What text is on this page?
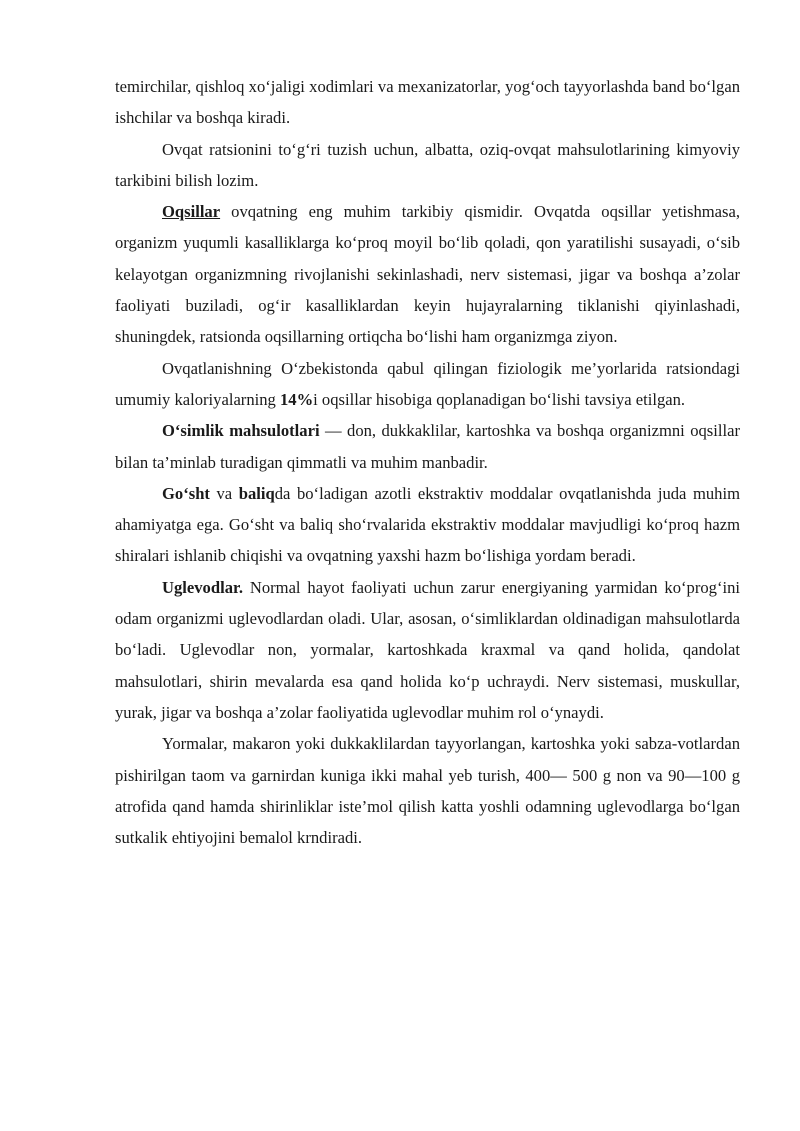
temirchilar, qishloq xoʻjaligi xodimlari va mexanizatorlar, yogʻoch tayyorlashda band boʻlgan ishchilar va boshqa kiradi.

Ovqat ratsionini toʻgʻri tuzish uchun, albatta, oziq-ovqat mahsulotlarining kimyoviy tarkibini bilish lozim.

Oqsillar ovqatning eng muhim tarkibiy qismidir. Ovqatda oqsillar yetishmasa, organizm yuqumli kasalliklarga koʻproq moyil boʻlib qoladi, qon yaratilishi susayadi, oʻsib kelayotgan organizmning rivojlanishi sekinlashadi, nerv sistemasi, jigar va boshqa a’zolar faoliyati buziladi, ogʻir kasalliklardan keyin hujayralarning tiklanishi qiyinlashadi, shuningdek, ratsionda oqsillarning ortiqcha boʻlishi ham organizmga ziyon.

Ovqatlanishning Oʻzbekistonda qabul qilingan fiziologik me’yorlarida ratsiondagi umumiy kaloriyalarning 14%i oqsillar hisobiga qoplanadigan boʻlishi tavsiya etilgan.

Oʻsimlik mahsulotlari — don, dukkaklilar, kartoshka va boshqa organizmni oqsillar bilan ta’minlab turadigan qimmatli va muhim manbadir.

Goʻsht va baliqda boʻladigan azotli ekstraktiv moddalar ovqatlanishda juda muhim ahamiyatga ega. Goʻsht va baliq shoʻrvalarida ekstraktiv moddalar mavjudligi koʻproq hazm shiralari ishlanib chiqishi va ovqatning yaxshi hazm boʻlishiga yordam beradi.

Uglevodlar. Normal hayot faoliyati uchun zarur energiyaning yarmidan koʻprogʻini odam organizmi uglevodlardan oladi. Ular, asosan, oʻsimliklardan oldinadigan mahsulotlarda boʻladi. Uglevodlar non, yormalar, kartoshkada kraxmal va qand holida, qandolat mahsulotlari, shirin mevalarda esa qand holida koʻp uchraydi. Nerv sistemasi, muskullar, yurak, jigar va boshqa a’zolar faoliyatida uglevodlar muhim rol oʻynaydi.

Yormalar, makaron yoki dukkaklilardan tayyorlangan, kartoshka yoki sabza-votlardan pishirilgan taom va garnirdan kuniga ikki mahal yeb turish, 400— 500 g non va 90—100 g atrofida qand hamda shirinliklar iste’mol qilish katta yoshli odamning uglevodlarga boʻlgan sutkalik ehtiyojini bemalol krndiradi.
